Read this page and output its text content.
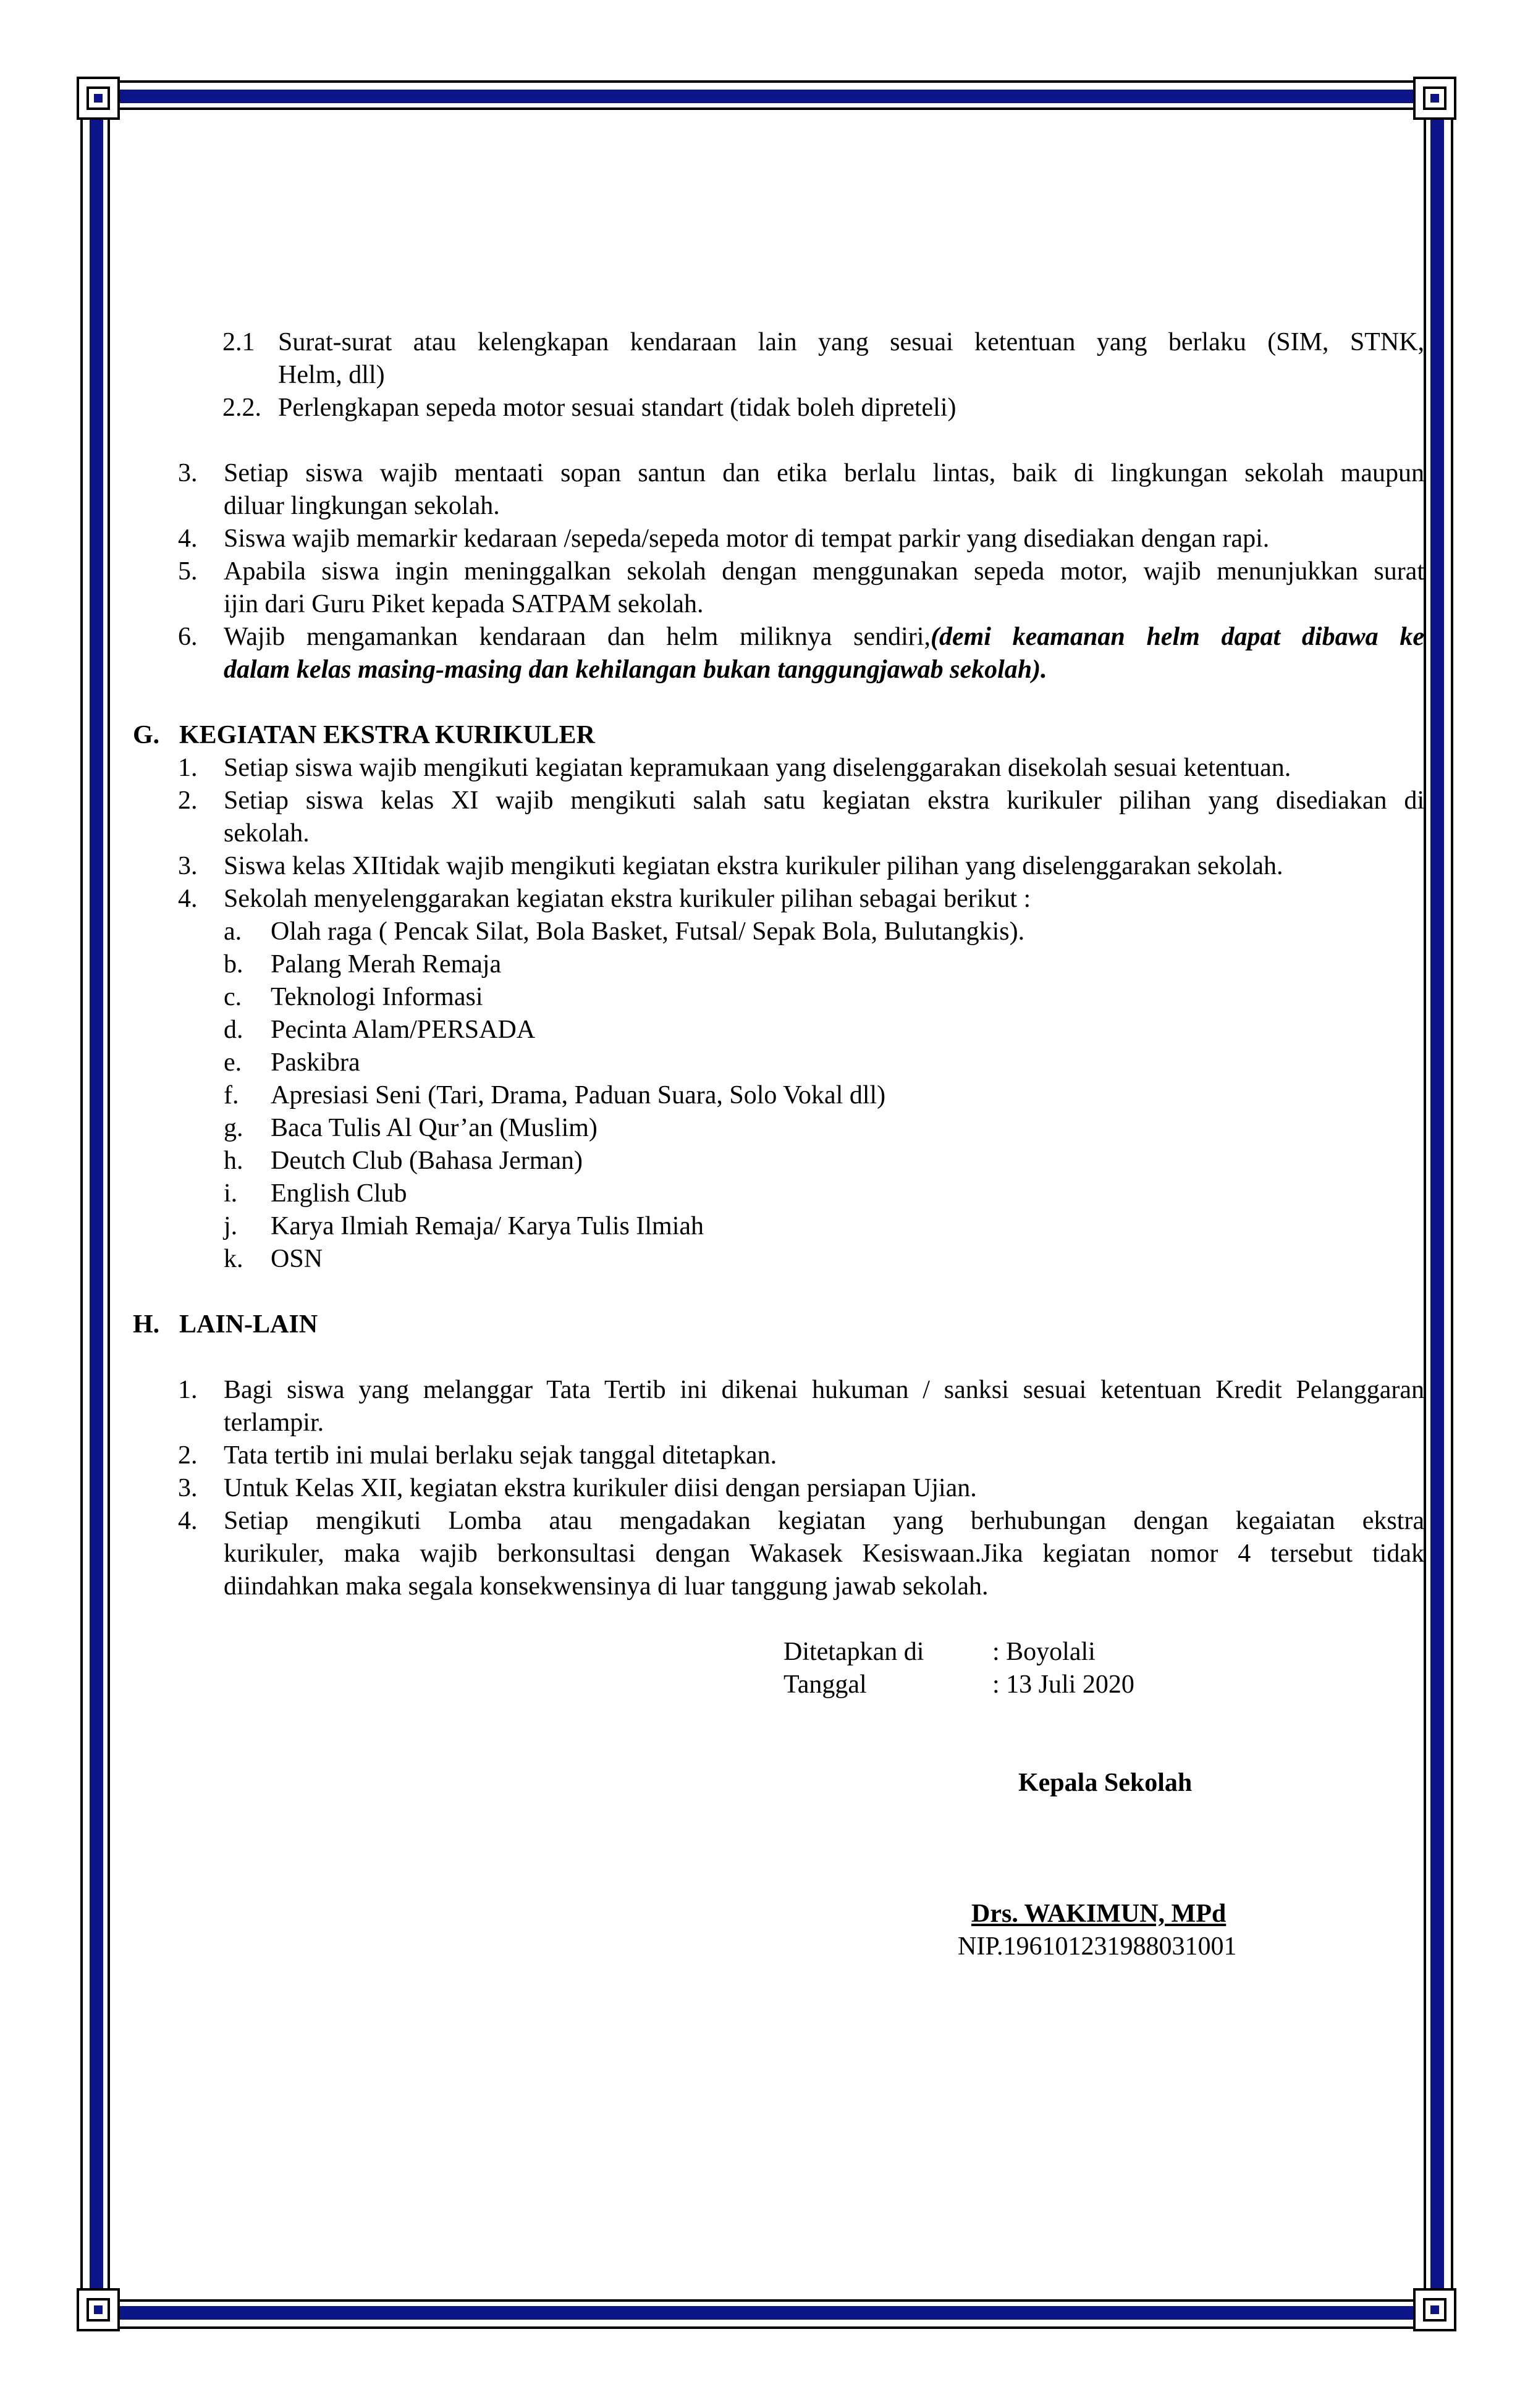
2.1 Surat-surat atau kelengkapan kendaraan lain yang sesuai ketentuan yang berlaku (SIM, STNK,
Helm, dll)
2.2. Perlengkapan sepeda motor sesuai standart (tidak boleh dipreteli)
3. Setiap siswa wajib mentaati sopan santun dan etika berlalu lintas, baik di lingkungan sekolah maupun
diluar lingkungan sekolah.
4. Siswa wajib memarkir kedaraan /sepeda/sepeda motor di tempat parkir yang disediakan dengan rapi.
5. Apabila siswa ingin meninggalkan sekolah dengan menggunakan sepeda motor, wajib menunjukkan surat
ijin dari Guru Piket kepada SATPAM sekolah.
6. Wajib mengamankan kendaraan dan helm miliknya sendiri,(demi keamanan helm dapat dibawa ke
dalam kelas masing-masing dan kehilangan bukan tanggungjawab sekolah).
G. KEGIATAN EKSTRA KURIKULER
1. Setiap siswa wajib mengikuti kegiatan kepramukaan yang diselenggarakan disekolah sesuai ketentuan.
2. Setiap siswa kelas XI wajib mengikuti salah satu kegiatan ekstra kurikuler pilihan yang disediakan di
sekolah.
3. Siswa kelas XIItidak wajib mengikuti kegiatan ekstra kurikuler pilihan yang diselenggarakan sekolah.
4. Sekolah menyelenggarakan kegiatan ekstra kurikuler pilihan sebagai berikut :
a. Olah raga ( Pencak Silat, Bola Basket, Futsal/ Sepak Bola, Bulutangkis).
b. Palang Merah Remaja
c. Teknologi Informasi
d. Pecinta Alam/PERSADA
e. Paskibra
f. Apresiasi Seni (Tari, Drama, Paduan Suara, Solo Vokal dll)
g. Baca Tulis Al Qur’an (Muslim)
h. Deutch Club (Bahasa Jerman)
i. English Club
j. Karya Ilmiah Remaja/ Karya Tulis Ilmiah
k. OSN
H. LAIN-LAIN
1. Bagi siswa yang melanggar Tata Tertib ini dikenai hukuman / sanksi sesuai ketentuan Kredit Pelanggaran
terlampir.
2. Tata tertib ini mulai berlaku sejak tanggal ditetapkan.
3. Untuk Kelas XII, kegiatan ekstra kurikuler diisi dengan persiapan Ujian.
4. Setiap mengikuti Lomba atau mengadakan kegiatan yang berhubungan dengan kegaiatan ekstra
kurikuler, maka wajib berkonsultasi dengan Wakasek Kesiswaan.Jika kegiatan nomor 4 tersebut tidak
diindahkan maka segala konsekwensinya di luar tanggung jawab sekolah.
Ditetapkan di	: Boyolali
Tanggal	: 13 Juli 2020
Kepala Sekolah
Drs. WAKIMUN, MPd
NIP.196101231988031001
